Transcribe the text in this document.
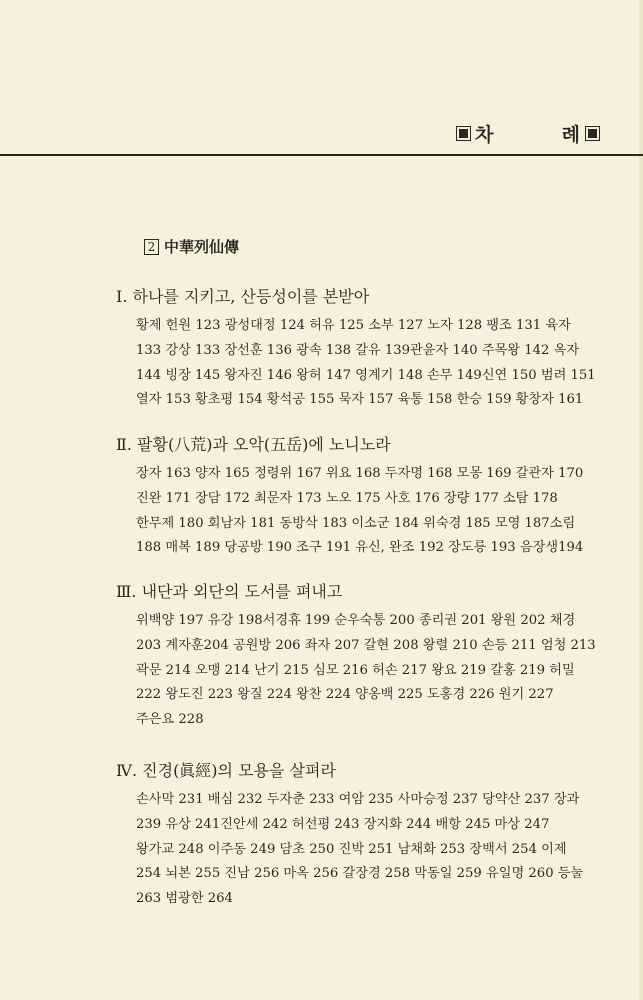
차 례
2 中華列仙傳
Ⅰ. 하나를 지키고, 산등성이를 본받아
황제 헌원 123 광성대정 124 허유 125 소부 127 노자 128 팽조 131 육자
133 강상 133 장선훈 136 광속 138 갈유 139관윤자 140 주목왕 142 옥자
144 빙장 145 왕자진 146 왕허 147 영계기 148 손무 149신연 150 범려 151
열자 153 황초평 154 황석공 155 묵자 157 육통 158 한승 159 황창자 161
Ⅱ. 팔황(八荒)과 오악(五岳)에 노니노라
장자 163 양자 165 정령위 167 위요 168 두자명 168 모몽 169 갈관자 170
진완 171 장담 172 최문자 173 노오 175 사호 176 장량 177 소탐 178
한무제 180 회남자 181 동방삭 183 이소군 184 위숙경 185 모영 187소림
188 매복 189 당공방 190 조구 191 유신, 완조 192 장도릉 193 음장생194
Ⅲ. 내단과 외단의 도서를 펴내고
위백양 197 유강 198서경휴 199 순우숙통 200 종리권 201 왕원 202 채경
203 계자훈204 공원방 206 좌자 207 갈현 208 왕렬 210 손등 211 엄청 213
곽문 214 오맹 214 난기 215 심모 216 허손 217 왕요 219 갈홍 219 허밀
222 왕도진 223 왕질 224 왕찬 224 양옹백 225 도홍경 226 원기 227
주은요 228
Ⅳ. 진경(眞經)의 모용을 살펴라
손사막 231 배심 232 두자춘 233 여암 235 사마승정 237 당약산 237 장과
239 유상 241진안세 242 허선평 243 장지화 244 배항 245 마상 247
왕가교 248 이주동 249 담초 250 진박 251 남채화 253 장백서 254 이제
254 뇌본 255 진남 256 마옥 256 갈장경 258 막동일 259 유일명 260 등눌
263 범광한 264
